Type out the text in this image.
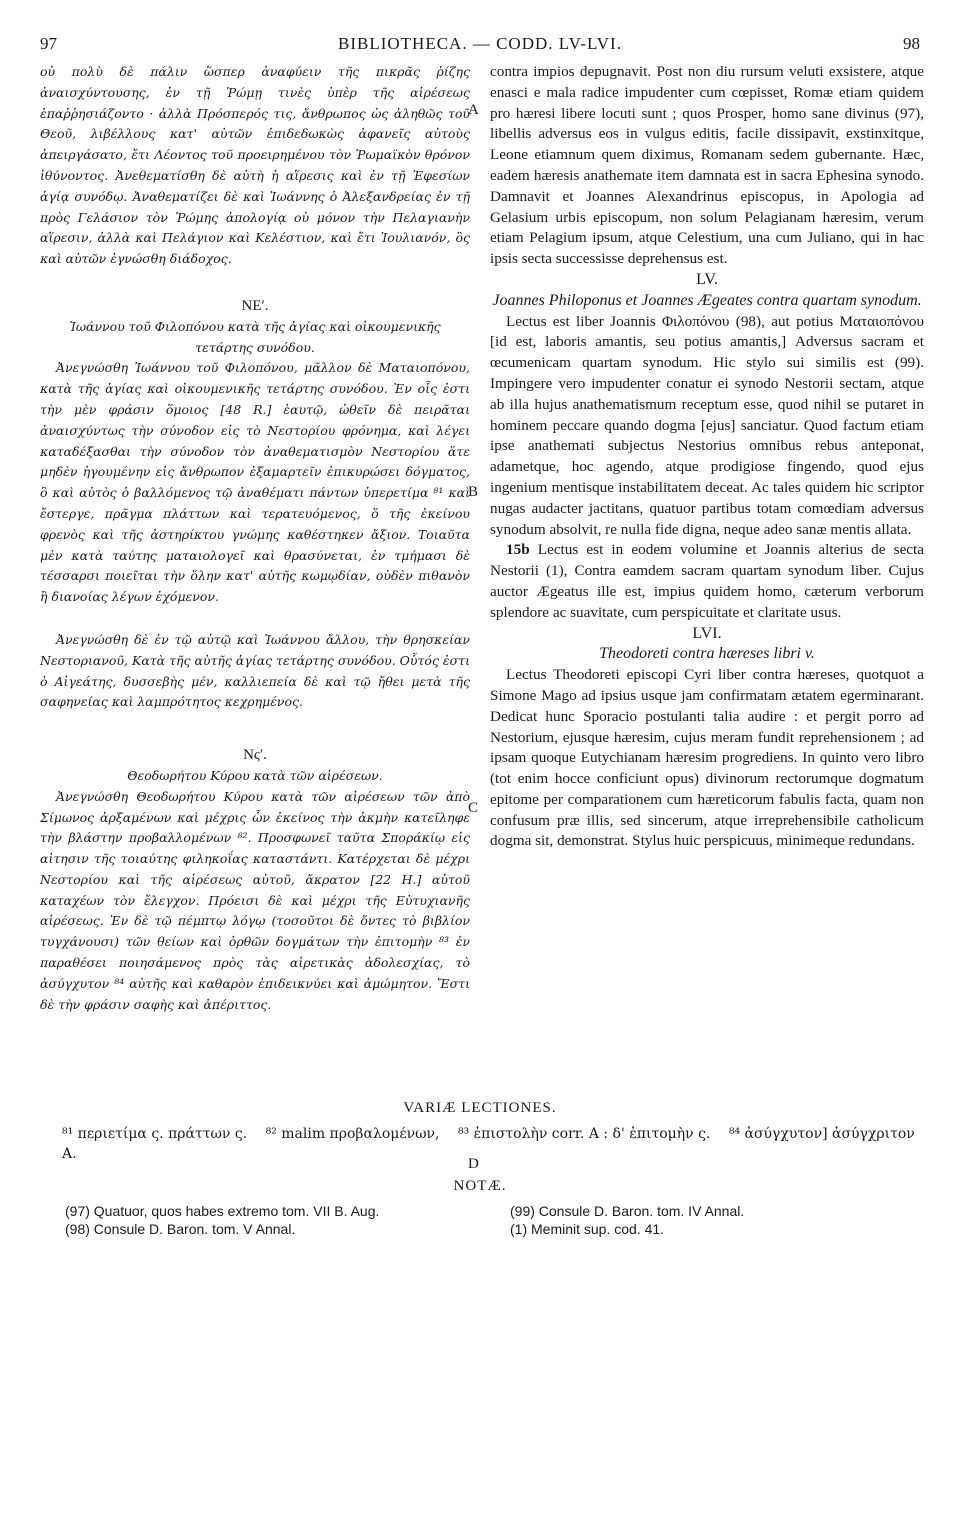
97	BIBLIOTHECA. — CODD. LV-LVI.	98

οὐ πολὺ δὲ πάλιν ὥσπερ ἀναφύειν τῆς πικρᾶς ῥίζης ἀναισχύντουσης, ἐν τῇ Ῥώμῃ τινὲς ὑπὲρ τῆς αἱρέσεως ἐπαῤῥησιάζοντο · ἀλλὰ Πρόσπερός τις, ἄνθρωπος ὡς ἀληθῶς τοῦ Θεοῦ, λιβέλλους κατ' αὐτῶν ἐπιδεδωκὼς ἀφανεῖς αὐτοὺς ἀπειργάσατο, ἔτι Λέοντος τοῦ προειρημένου τὸν Ῥωμαϊκὸν θρόνον ἰθύνοντος. Ἀνεθεματίσθη δὲ αὐτὴ ἡ αἵρεσις καὶ ἐν τῇ Ἐφεσίων ἁγίᾳ συνόδῳ. Ἀναθεματίζει δὲ καὶ Ἰωάννης ὁ Ἀλεξανδρείας ἐν τῇ πρὸς Γελάσιον τὸν Ῥώμης ἀπολογίᾳ οὐ μόνον τὴν Πελαγιανὴν αἵρεσιν, ἀλλὰ καὶ Πελάγιον καὶ Κελέστιον, καὶ ἔτι Ἰουλιανόν, ὃς καὶ αὐτῶν ἐγνώσθη διάδοχος.

ΝΕʹ.

Ἰωάννου τοῦ Φιλοπόνου κατὰ τῆς ἁγίας καὶ οἰκουμενικῆς τετάρτης συνόδου.

Ἀνεγνώσθη Ἰωάννου τοῦ Φιλοπόνου, μᾶλλον δὲ Ματαιοπόνου, κατὰ τῆς ἁγίας καὶ οἰκουμενικῆς τετάρτης συνόδου. Ἐν οἷς ἐστι τὴν μὲν φράσιν ὅμοιος [48 R.] ἑαυτῷ, ὠθεῖν δὲ πειρᾶται ἀναισχύντως τὴν σύνοδον εἰς τὸ Νεστορίου φρόνημα, καὶ λέγει καταδέξασθαι τὴν σύνοδον τὸν ἀναθεματισμὸν Νεστορίου ἅτε μηδὲν ἡγουμένην εἰς ἄνθρωπον ἐξαμαρτεῖν ἐπικυρώσει δόγματος, ὃ καὶ αὐτὸς ὁ βαλλόμενος τῷ ἀναθέματι πάντων ὑπερετίμα ⁸¹ καὶ ἔστεργε, πρᾶγμα πλάττων καὶ τερατευόμενος, ὅ τῆς ἐκείνου φρενὸς καὶ τῆς ἀστηρίκτου γνώμης καθέστηκεν ἄξιον. Τοιαῦτα μὲν κατὰ ταύτης ματαιολογεῖ καὶ θρασύνεται, ἐν τμήμασι δὲ τέσσαρσι ποιεῖται τὴν ὅλην κατ' αὐτῆς κωμῳδίαν, οὐδὲν πιθανὸν ἢ διανοίας λέγων ἐχόμενον.

Ἀνεγνώσθη δὲ ἐν τῷ αὐτῷ καὶ Ἰωάννου ἄλλου, τὴν θρησκείαν Νεστοριανοῦ, Κατὰ τῆς αὐτῆς ἁγίας τετάρτης συνόδου. Οὗτός ἐστι ὁ Αἰγεάτης, δυσσεβὴς μέν, καλλιεπεία δὲ καὶ τῷ ἤθει μετὰ τῆς σαφηνείας καὶ λαμπρότητος κεχρημένος.

Νςʹ.

Θεοδωρήτου Κύρου κατὰ τῶν αἱρέσεων.

Ἀνεγνώσθη Θεοδωρήτου Κύρου κατὰ τῶν αἱρέσεων τῶν ἀπὸ Σίμωνος ἀρξαμένων καὶ μέχρις ὧν ἐκείνος τὴν ἀκμὴν κατεῖληφε τὴν βλάστην προβαλλομένων ⁸². Προσφωνεῖ ταῦτα Σποράκίῳ εἰς αἰτησιν τῆς τοιαύτης φιληκοΐας καταστάντι. Κατέρχεται δὲ μέχρι Νεστορίου καὶ τῆς αἱρέσεως αὐτοῦ, ἄκρατον [22 H.] αὐτοῦ καταχέων τὸν ἔλεγχον. Πρόεισι δὲ καὶ μέχρι τῆς Εὐτυχιανῆς αἱρέσεως. Ἐν δὲ τῷ πέμπτῳ λόγῳ (τοσοῦτοι δὲ ὄντες τὸ βιβλίον τυγχάνουσι) τῶν θείων καὶ ὀρθῶν δογμάτων τὴν ἐπιτομὴν ⁸³ ἐν παραθέσει ποιησάμενος πρὸς τὰς αἱρετικὰς ἀδολεσχίας, τὸ ἀσύγχυτον ⁸⁴ αὐτῆς καὶ καθαρὸν ἐπιδεικνύει καὶ ἀμώμητον. Ἔστι δὲ τὴν φράσιν σαφὴς καὶ ἀπέριττος.

A
B
C
D

contra impios depugnavit. Post non diu rursum veluti exsistere, atque enasci e mala radice impudenter cum cœpisset, Romæ etiam quidem pro hæresi libere locuti sunt ; quos Prosper, homo sane divinus (97), libellis adversus eos in vulgus editis, facile dissipavit, exstinxitque, Leone etiamnum quem diximus, Romanam sedem gubernante. Hæc, eadem hæresis anathemate item damnata est in sacra Ephesina synodo. Damnavit et Joannes Alexandrinus episcopus, in Apologia ad Gelasium urbis episcopum, non solum Pelagianam hæresim, verum etiam Pelagium ipsum, atque Celestium, una cum Juliano, qui in hac ipsis secta successisse deprehensus est.

LV.

Joannes Philoponus et Joannes Ægeates contra quartam synodum.

Lectus est liber Joannis Φιλοπόνου (98), aut potius Ματαιοπόνου [id est, laboris amantis, seu potius amantis,] Adversus sacram et œcumenicam quartam synodum. Hic stylo sui similis est (99). Impingere vero impudenter conatur ei synodo Nestorii sectam, atque ab illa hujus anathematismum receptum esse, quod nihil se putaret in hominem peccare quando dogma [ejus] sanciatur. Quod factum etiam ipse anathemati subjectus Nestorius omnibus rebus anteponat, adametque, hoc agendo, atque prodigiose fingendo, quod ejus ingenium mentisque instabilitatem deceat. Ac tales quidem hic scriptor nugas audacter jactitans, quatuor partibus totam comœdiam adversus synodum absolvit, re nulla fide digna, neque adeo sanæ mentis allata.

15b Lectus est in eodem volumine et Joannis alterius de secta Nestorii (1), Contra eamdem sacram quartam synodum liber. Cujus auctor Ægeatus ille est, impius quidem homo, cæterum verborum splendore ac suavitate, cum perspicuitate et claritate usus.

LVI.

Theodoreti contra hæreses libri v.

Lectus Theodoreti episcopi Cyri liber contra hæreses, quotquot a Simone Mago ad ipsius usque jam confirmatam ætatem egerminarant. Dedicat hunc Sporacio postulanti talia audire : et pergit porro ad Nestorium, ejusque hæresim, cujus meram fundit reprehensionem ; ad ipsam quoque Eutychianam hæresim progrediens. In quinto vero libro (tot enim hocce conficiunt opus) divinorum rectorumque dogmatum epitome per comparationem cum hæreticorum fabulis facta, quam non confusum præ illis, sed sincerum, atque irreprehensibile catholicum dogma sit, demonstrat. Stylus huic perspicuus, minimeque redundans.

VARIÆ LECTIONES.
⁸¹ περιετίμα ς. πράττων ς. ⁸² malim προβαλομένων, ⁸³ ἐπιστολὴν corr. A : δ' ἐπιτομὴν ς. ⁸⁴ ἀσύγχυτον] ἀσύγχριτον A.
NOTÆ.

(97) Quatuor, quos habes extremo tom. VII B. Aug.

(98) Consule D. Baron. tom. V Annal.

(99) Consule D. Baron. tom. IV Annal.

(1) Meminit sup. cod. 41.
